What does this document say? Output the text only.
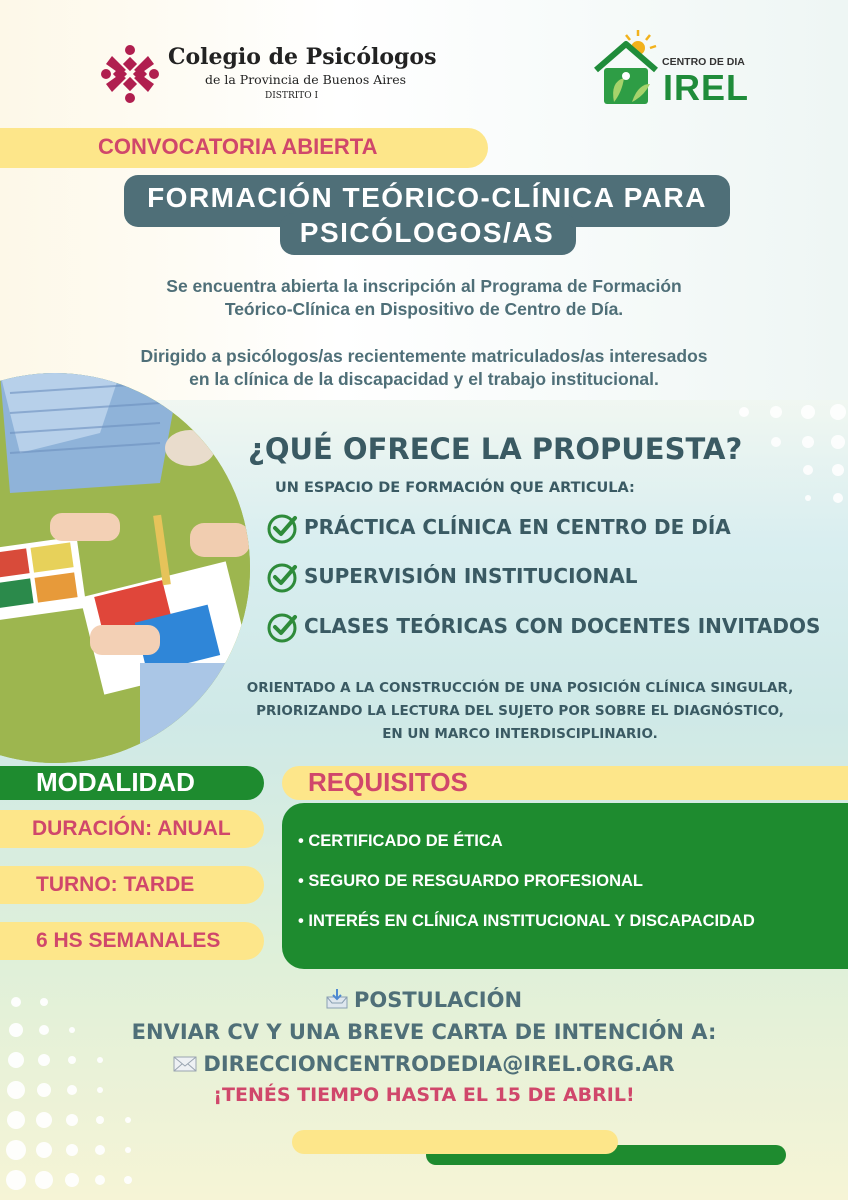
Colegio de Psicólogos
de la Provincia de Buenos Aires
DISTRITO I
CENTRO DE DIA
IREL
CONVOCATORIA ABIERTA
FORMACIÓN TEÓRICO-CLÍNICA PARA
PSICÓLOGOS/AS
Se encuentra abierta la inscripción al Programa de Formación
Teórico-Clínica en Dispositivo de Centro de Día.
Dirigido a psicólogos/as recientemente matriculados/as interesados
en la clínica de la discapacidad y el trabajo institucional.
¿QUÉ OFRECE LA PROPUESTA?
UN ESPACIO DE FORMACIÓN QUE ARTICULA:
PRÁCTICA CLÍNICA EN CENTRO DE DÍA
SUPERVISIÓN INSTITUCIONAL
CLASES TEÓRICAS CON DOCENTES INVITADOS
ORIENTADO A LA CONSTRUCCIÓN DE UNA POSICIÓN CLÍNICA SINGULAR,
PRIORIZANDO LA LECTURA DEL SUJETO POR SOBRE EL DIAGNÓSTICO,
EN UN MARCO INTERDISCIPLINARIO.
MODALIDAD
DURACIÓN: ANUAL
TURNO: TARDE
6 HS SEMANALES
REQUISITOS
• CERTIFICADO DE ÉTICA
• SEGURO DE RESGUARDO PROFESIONAL
• INTERÉS EN CLÍNICA INSTITUCIONAL Y DISCAPACIDAD
POSTULACIÓN
ENVIAR CV Y UNA BREVE CARTA DE INTENCIÓN A:
DIRECCIONCENTRODEDIA@IREL.ORG.AR
¡TENÉS TIEMPO HASTA EL 15 DE ABRIL!
